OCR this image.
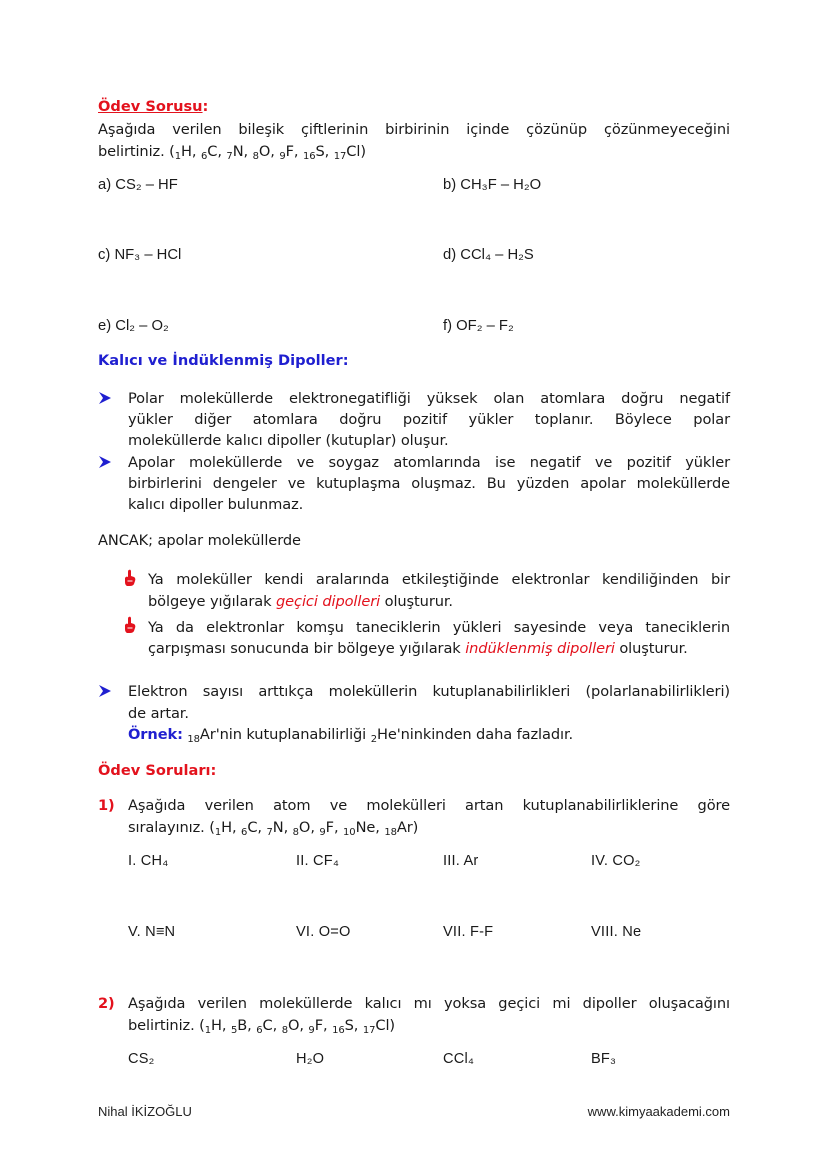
Ödev Sorusu:
Aşağıda verilen bileşik çiftlerinin birbirinin içinde çözünüp çözünmeyeceğini
belirtiniz. ($_1H$, $_6$C, $_7$N, $_8$O, $_9$F, $_{16}$S, $_{17}$Cl)
a) CS₂ – HF	b) CH₃F – H₂O
c) NF₃ – HCl	d) CCl₄ – H₂S
e) Cl₂ – O₂	f) OF₂ – F₂
Kalıcı ve İndüklenmiş Dipoller:
Polar moleküllerde elektronegatifliği yüksek olan atomlara doğru negatif
yükler diğer atomlara doğru pozitif yükler toplanır. Böylece polar
moleküllerde kalıcı dipoller (kutuplar) oluşur.
Apolar moleküllerde ve soygaz atomlarında ise negatif ve pozitif yükler
birbirlerini dengeler ve kutuplaşma oluşmaz. Bu yüzden apolar moleküllerde
kalıcı dipoller bulunmaz.
ANCAK; apolar moleküllerde
Ya moleküller kendi aralarında etkileştiğinde elektronlar kendiliğinden bir
bölgeye yığılarak geçici dipolleri oluşturur.
Ya da elektronlar komşu taneciklerin yükleri sayesinde veya taneciklerin
çarpışması sonucunda bir bölgeye yığılarak indüklenmiş dipolleri oluşturur.
Elektron sayısı arttıkça moleküllerin kutuplanabilirlikleri (polarlanabilirlikleri)
de artar.
Örnek: $_{18}$Ar'nin kutuplanabilirliği $_2$He'ninkinden daha fazladır.
Ödev Soruları:
1) Aşağıda verilen atom ve molekülleri artan kutuplanabilirliklerine göre
sıralayınız. ($_1H$, $_6$C, $_7$N, $_8$O, $_9$F, $_{10}$Ne, $_{18}$Ar)
I. CH₄	II. CF₄	III. Ar	IV. CO₂
V. N≡N	VI. O=O	VII. F-F	VIII. Ne
2) Aşağıda verilen moleküllerde kalıcı mı yoksa geçici mi dipoller oluşacağını
belirtiniz. ($_1H$, $_5$B, $_6$C, $_8$O, $_9$F, $_{16}$S, $_{17}$Cl)
CS₂	H₂O	CCl₄	BF₃
Nihal İKİZOĞLU	www.kimyaakademi.com
